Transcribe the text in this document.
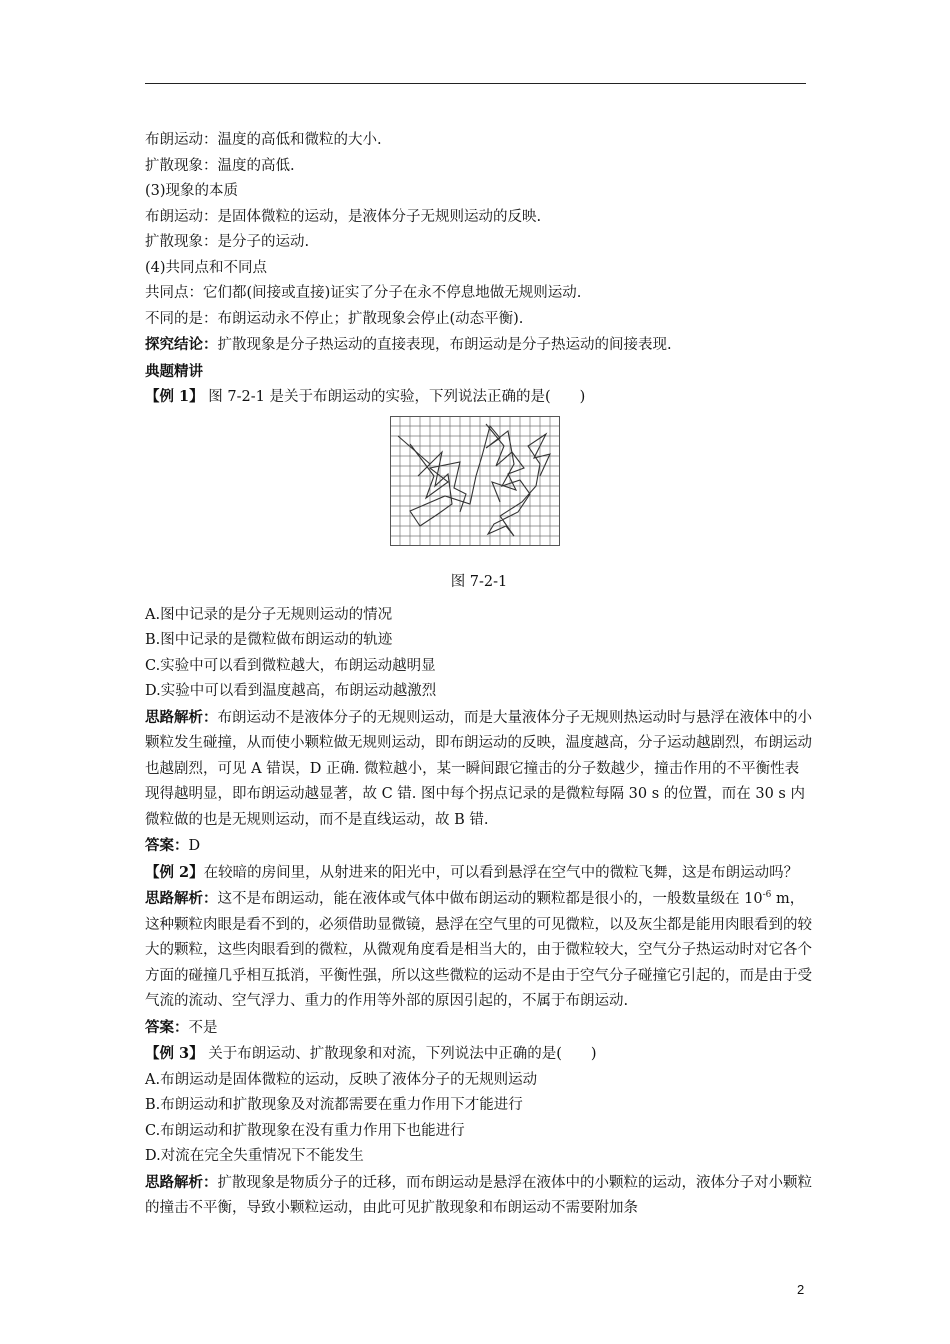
布朗运动：温度的高低和微粒的大小.
扩散现象：温度的高低.
(3)现象的本质
布朗运动：是固体微粒的运动，是液体分子无规则运动的反映.
扩散现象：是分子的运动.
(4)共同点和不同点
共同点：它们都(间接或直接)证实了分子在永不停息地做无规则运动.
不同的是：布朗运动永不停止；扩散现象会停止(动态平衡).
探究结论：扩散现象是分子热运动的直接表现，布朗运动是分子热运动的间接表现.
典题精讲
【例 1】 图 7-2-1 是关于布朗运动的实验，下列说法正确的是(　　)
图 7-2-1
A.图中记录的是分子无规则运动的情况
B.图中记录的是微粒做布朗运动的轨迹
C.实验中可以看到微粒越大，布朗运动越明显
D.实验中可以看到温度越高，布朗运动越激烈
思路解析：布朗运动不是液体分子的无规则运动，而是大量液体分子无规则热运动时与悬浮在液体中的小颗粒发生碰撞，从而使小颗粒做无规则运动，即布朗运动的反映，温度越高，分子运动越剧烈，布朗运动也越剧烈，可见 A 错误，D 正确. 微粒越小，某一瞬间跟它撞击的分子数越少，撞击作用的不平衡性表现得越明显，即布朗运动越显著，故 C 错. 图中每个拐点记录的是微粒每隔 30 s 的位置，而在 30 s 内微粒做的也是无规则运动，而不是直线运动，故 B 错.
答案：D
【例 2】在较暗的房间里，从射进来的阳光中，可以看到悬浮在空气中的微粒飞舞，这是布朗运动吗？
思路解析：这不是布朗运动，能在液体或气体中做布朗运动的颗粒都是很小的，一般数量级在 $10^{-6}$ m，这种颗粒肉眼是看不到的，必须借助显微镜，悬浮在空气里的可见微粒，以及灰尘都是能用肉眼看到的较大的颗粒，这些肉眼看到的微粒，从微观角度看是相当大的，由于微粒较大，空气分子热运动时对它各个方面的碰撞几乎相互抵消，平衡性强，所以这些微粒的运动不是由于空气分子碰撞它引起的，而是由于受气流的流动、空气浮力、重力的作用等外部的原因引起的，不属于布朗运动.
答案：不是
【例 3】 关于布朗运动、扩散现象和对流，下列说法中正确的是(　　)
A.布朗运动是固体微粒的运动，反映了液体分子的无规则运动
B.布朗运动和扩散现象及对流都需要在重力作用下才能进行
C.布朗运动和扩散现象在没有重力作用下也能进行
D.对流在完全失重情况下不能发生
思路解析：扩散现象是物质分子的迁移，而布朗运动是悬浮在液体中的小颗粒的运动，液体分子对小颗粒的撞击不平衡，导致小颗粒运动，由此可见扩散现象和布朗运动不需要附加条
2
